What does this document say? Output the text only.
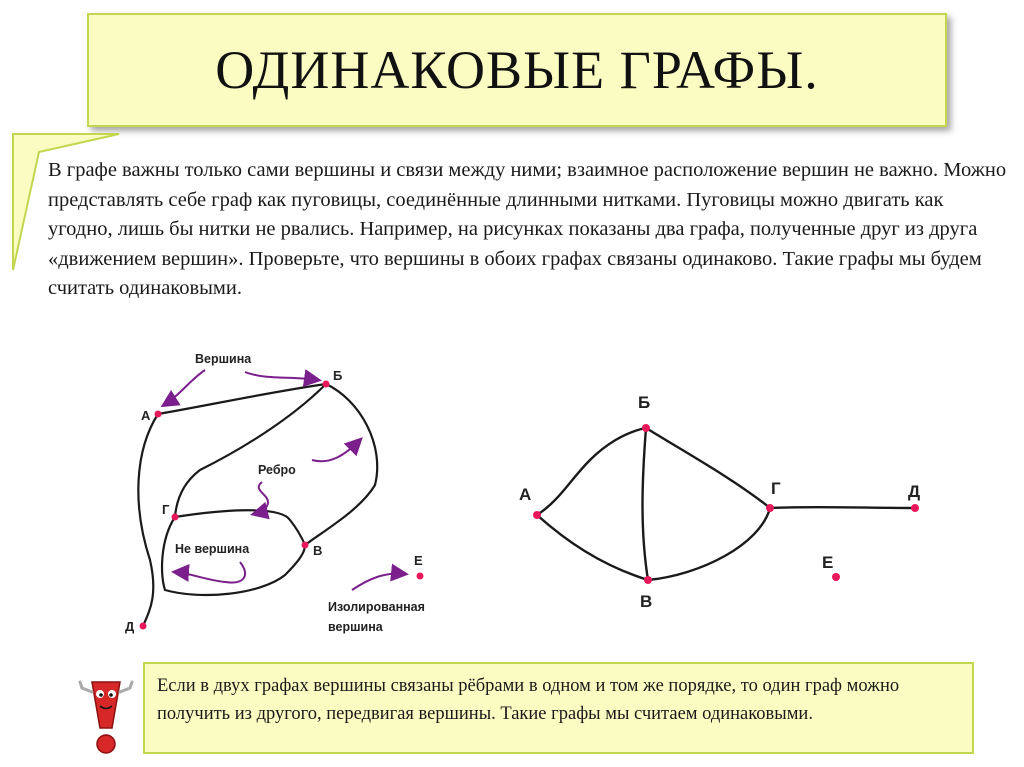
ОДИНАКОВЫЕ ГРАФЫ.

В графе важны только сами вершины и связи между ними; взаимное расположение вершин не важно. Можно представлять себе граф как пуговицы, соединённые длинными нитками. Пуговицы можно двигать как угодно, лишь бы нитки не рвались. Например, на рисунках показаны два графа, полученные друг из друга «движением вершин». Проверьте, что вершины в обоих графах связаны одинаково. Такие графы мы будем считать одинаковыми.

А
Б
Г
В
Д
Е
Вершина
Ребро
Не вершина
Изолированная
вершина
А
Б
В
Г	Д
Е
Если в двух графах вершины связаны рёбрами в одном и том же порядке, то один граф можно получить из другого, передвигая вершины. Такие графы мы считаем одинаковыми.
